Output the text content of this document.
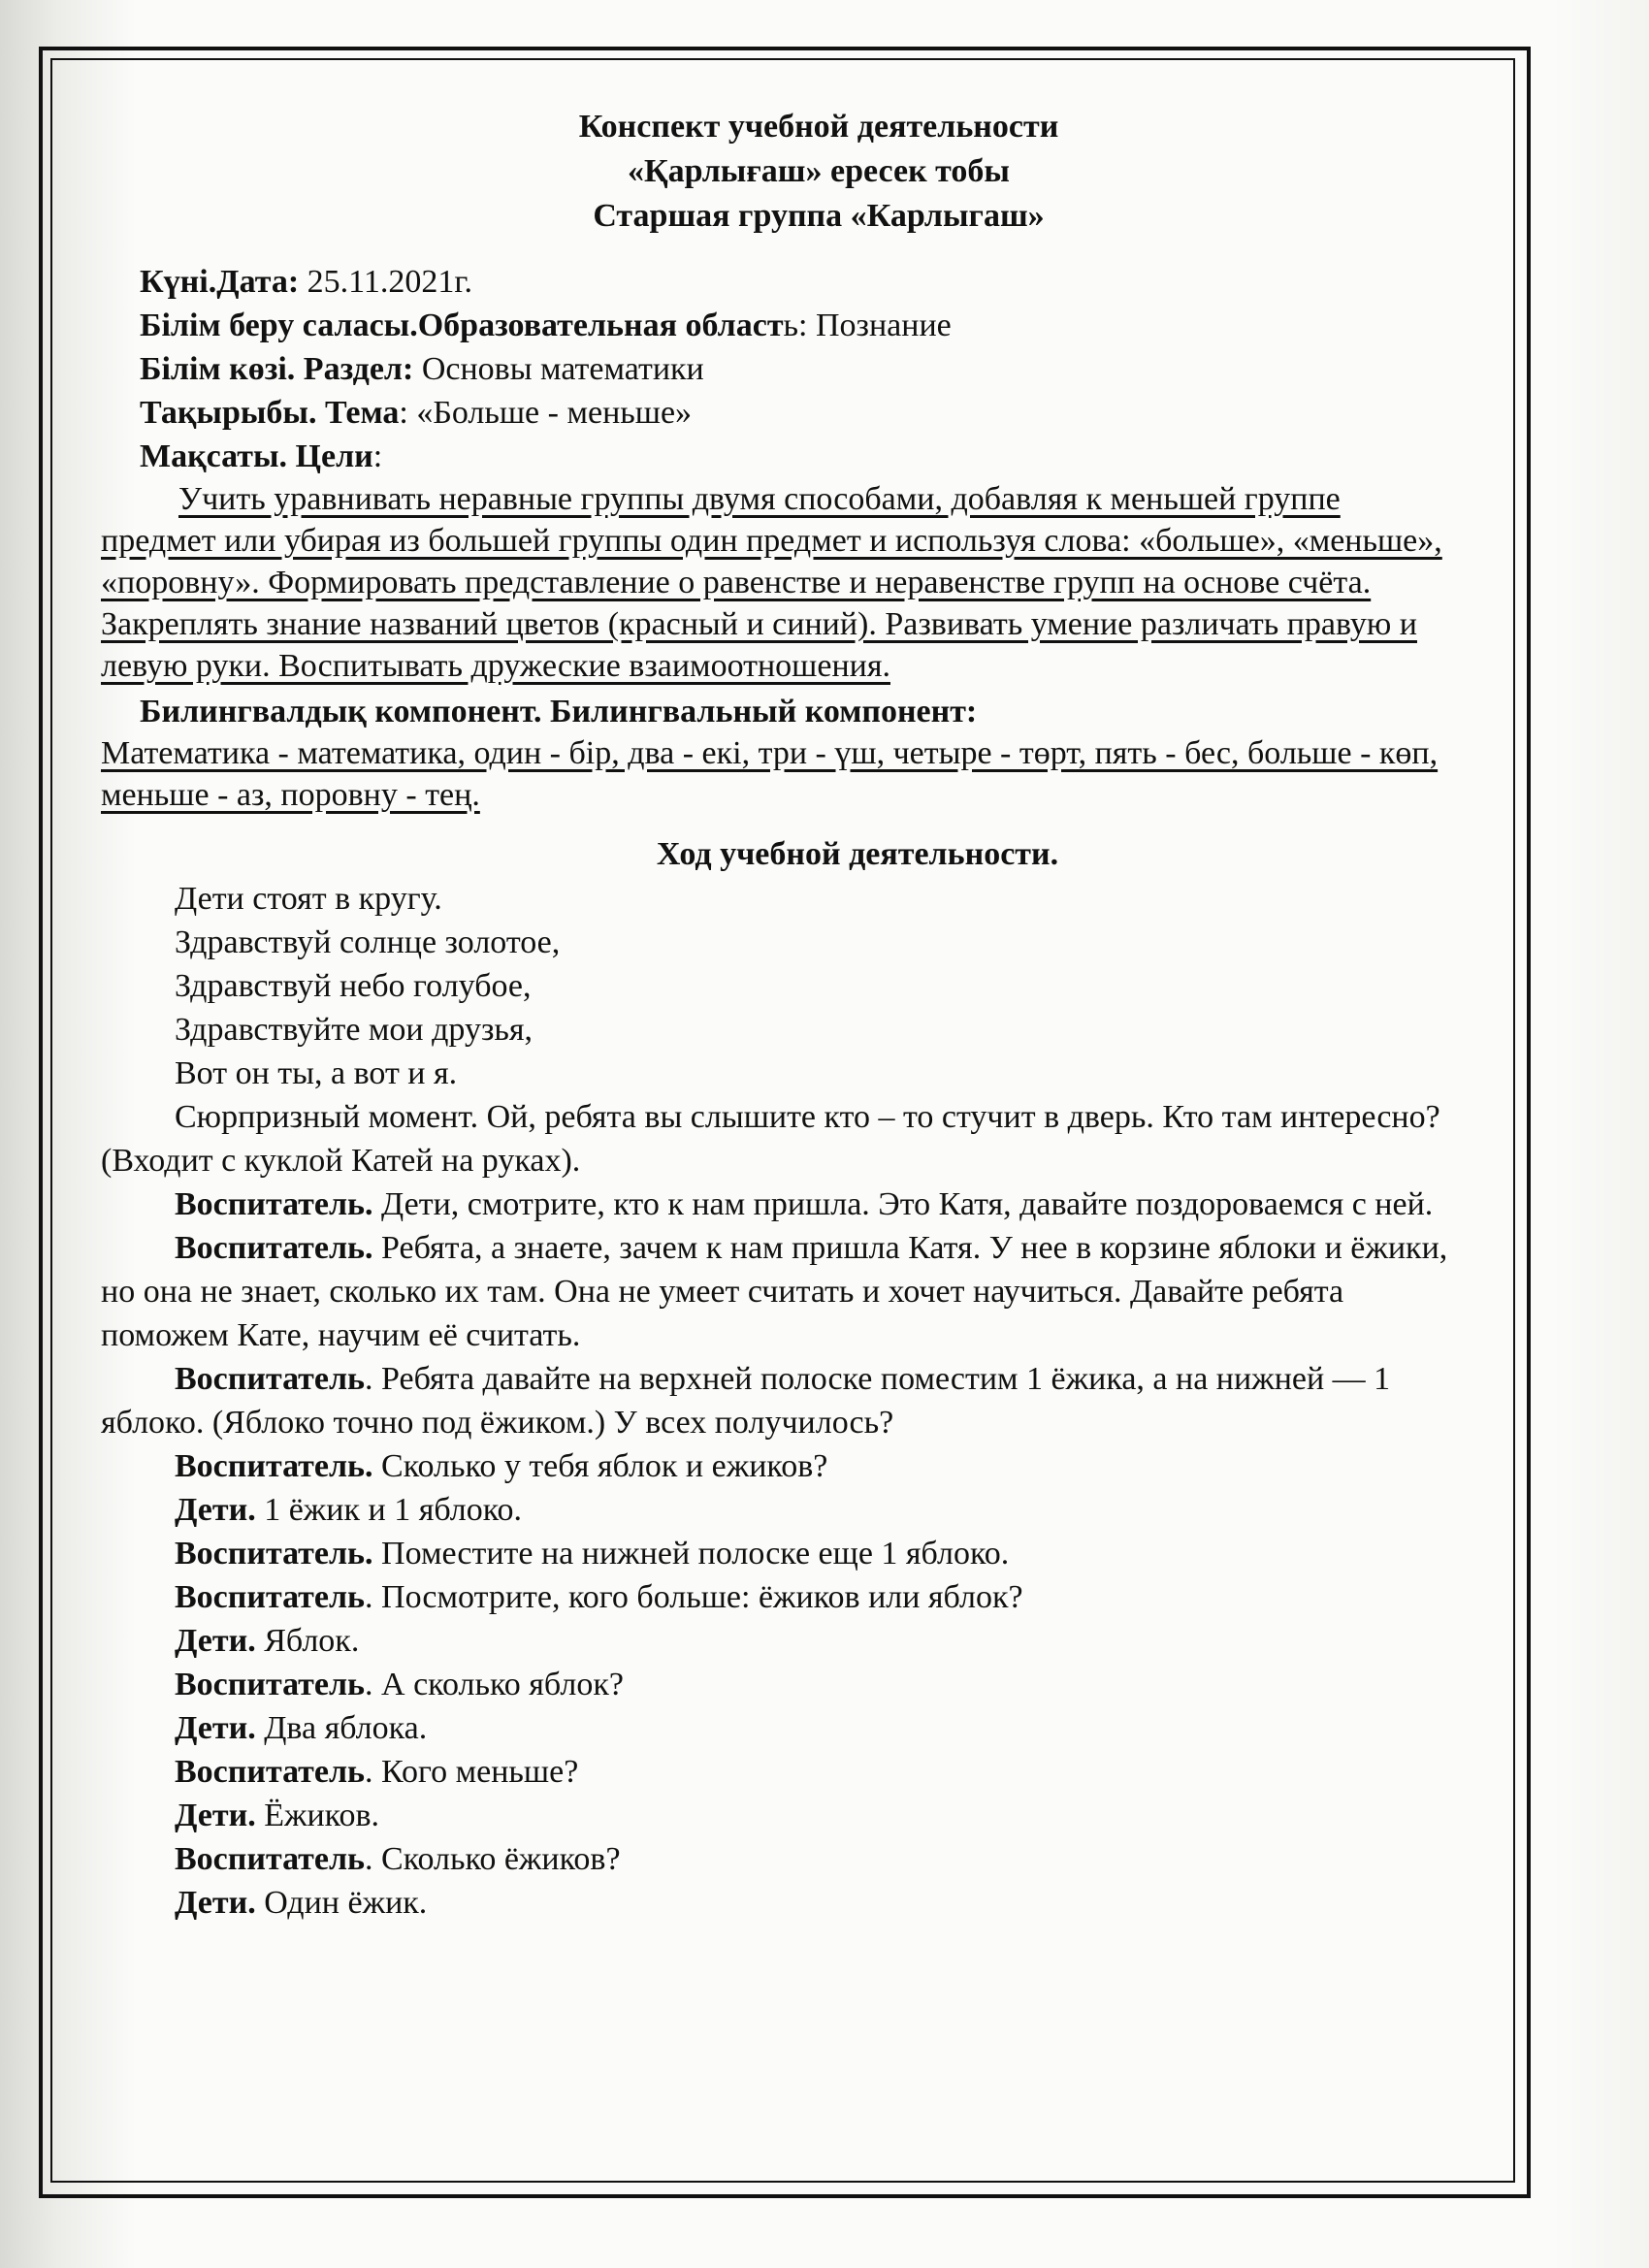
Конспект учебной деятельности
«Қарлығаш» ересек тобы
Старшая группа «Карлыгаш»
Күні.Дата: 25.11.2021г.
Білім беру саласы.Образовательная область: Познание
Білім көзі. Раздел: Основы математики
Тақырыбы. Тема: «Больше - меньше»
Мақсаты. Цели:
Учить уравнивать неравные группы двумя способами, добавляя к меньшей группе предмет или убирая из большей группы один предмет и используя слова: «больше», «меньше», «поровну». Формировать представление о равенстве и неравенстве групп на основе счёта. Закреплять знание названий цветов (красный и синий). Развивать умение различать правую и левую руки. Воспитывать дружеские взаимоотношения.
Билингвалдық компонент. Билингвальный компонент:
Математика - математика, один - бір, два - екі, три - үш, четыре - төрт, пять - бес, больше - көп, меньше - аз, поровну - тең.
Ход учебной деятельности.

Дети стоят в кругу.

Здравствуй солнце золотое,

Здравствуй небо голубое,

Здравствуйте мои друзья,

Вот он ты, а вот и я.

Сюрпризный момент. Ой, ребята вы слышите кто – то стучит в дверь. Кто там интересно? (Входит с куклой Катей на руках).

Воспитатель. Дети, смотрите, кто к нам пришла. Это Катя, давайте поздороваемся с ней.

Воспитатель. Ребята, а знаете, зачем к нам пришла Катя. У нее в корзине яблоки и ёжики, но она не знает, сколько их там. Она не умеет считать и хочет научиться. Давайте ребята поможем Кате, научим её считать.

Воспитатель. Ребята давайте на верхней полоске поместим 1 ёжика, а на нижней — 1 яблоко. (Яблоко точно под ёжиком.) У всех получилось?

Воспитатель. Сколько у тебя яблок и ежиков?

Дети. 1 ёжик и 1 яблоко.

Воспитатель. Поместите на нижней полоске еще 1 яблоко.

Воспитатель. Посмотрите, кого больше: ёжиков или яблок?

Дети. Яблок.

Воспитатель. А сколько яблок?

Дети. Два яблока.

Воспитатель. Кого меньше?

Дети. Ёжиков.

Воспитатель. Сколько ёжиков?

Дети. Один ёжик.
